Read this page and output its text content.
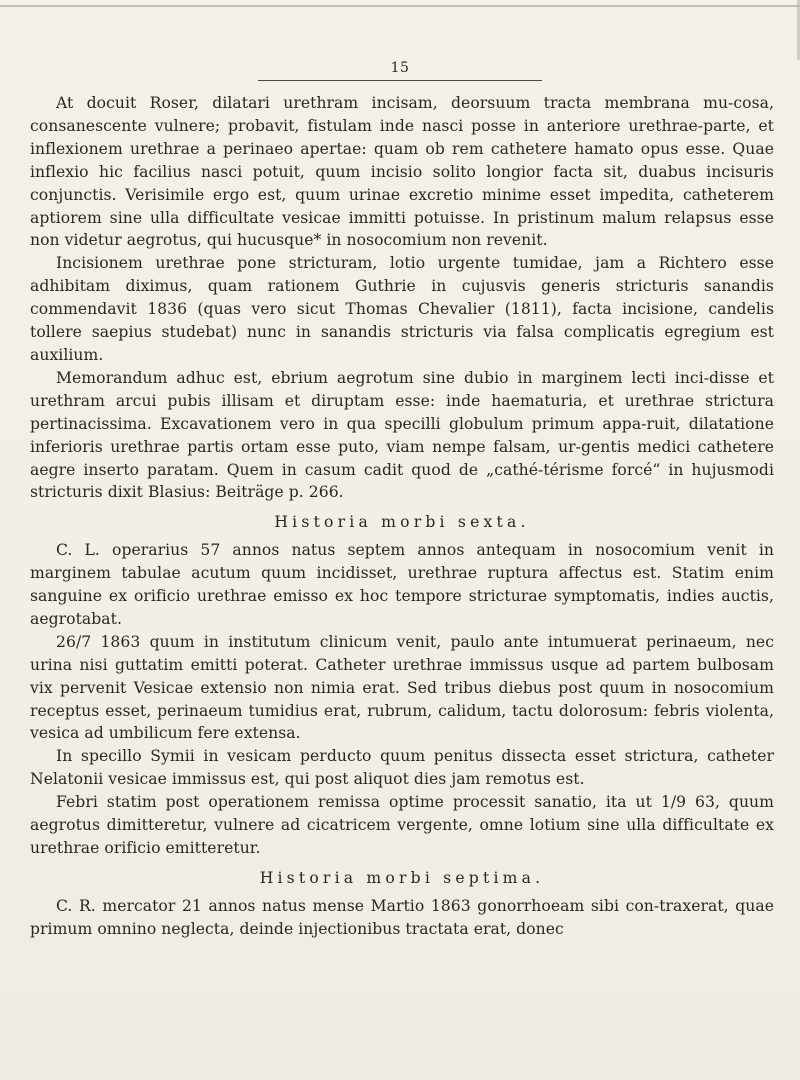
15

At docuit Roser, dilatari urethram incisam, deorsuum tracta membrana mu-cosa, consanescente vulnere; probavit, fistulam inde nasci posse in anteriore urethrae-parte, et inflexionem urethrae a perinaeo apertae: quam ob rem cathetere hamato opus esse. Quae inflexio hic facilius nasci potuit, quum incisio solito longior facta sit, duabus incisuris conjunctis. Verisimile ergo est, quum urinae excretio minime esset impedita, catheterem aptiorem sine ulla difficultate vesicae immitti potuisse. In pristinum malum relapsus esse non videtur aegrotus, qui hucusque* in nosocomium non revenit.

Incisionem urethrae pone stricturam, lotio urgente tumidae, jam a Richtero esse adhibitam diximus, quam rationem Guthrie in cujusvis generis stricturis sanandis commendavit 1836 (quas vero sicut Thomas Chevalier (1811), facta incisione, candelis tollere saepius studebat) nunc in sanandis stricturis via falsa complicatis egregium est auxilium.

Memorandum adhuc est, ebrium aegrotum sine dubio in marginem lecti inci-disse et urethram arcui pubis illisam et diruptam esse: inde haematuria, et urethrae strictura pertinacissima. Excavationem vero in qua specilli globulum primum appa-ruit, dilatatione inferioris urethrae partis ortam esse puto, viam nempe falsam, ur-gentis medici cathetere aegre inserto paratam. Quem in casum cadit quod de „cathé-térisme forcé“ in hujusmodi stricturis dixit Blasius: Beiträge p. 266.

Historia morbi sexta.

C. L. operarius 57 annos natus septem annos antequam in nosocomium venit in marginem tabulae acutum quum incidisset, urethrae ruptura affectus est. Statim enim sanguine ex orificio urethrae emisso ex hoc tempore stricturae symptomatis, indies auctis, aegrotabat.

26/7 1863 quum in institutum clinicum venit, paulo ante intumuerat perinaeum, nec urina nisi guttatim emitti poterat. Catheter urethrae immissus usque ad partem bulbosam vix pervenit Vesicae extensio non nimia erat. Sed tribus diebus post quum in nosocomium receptus esset, perinaeum tumidius erat, rubrum, calidum, tactu dolorosum: febris violenta, vesica ad umbilicum fere extensa.

In specillo Symii in vesicam perducto quum penitus dissecta esset strictura, catheter Nelatonii vesicae immissus est, qui post aliquot dies jam remotus est.

Febri statim post operationem remissa optime processit sanatio, ita ut 1/9 63, quum aegrotus dimitteretur, vulnere ad cicatricem vergente, omne lotium sine ulla difficultate ex urethrae orificio emitteretur.

Historia morbi septima.

C. R. mercator 21 annos natus mense Martio 1863 gonorrhoeam sibi con-traxerat, quae primum omnino neglecta, deinde injectionibus tractata erat, donec
